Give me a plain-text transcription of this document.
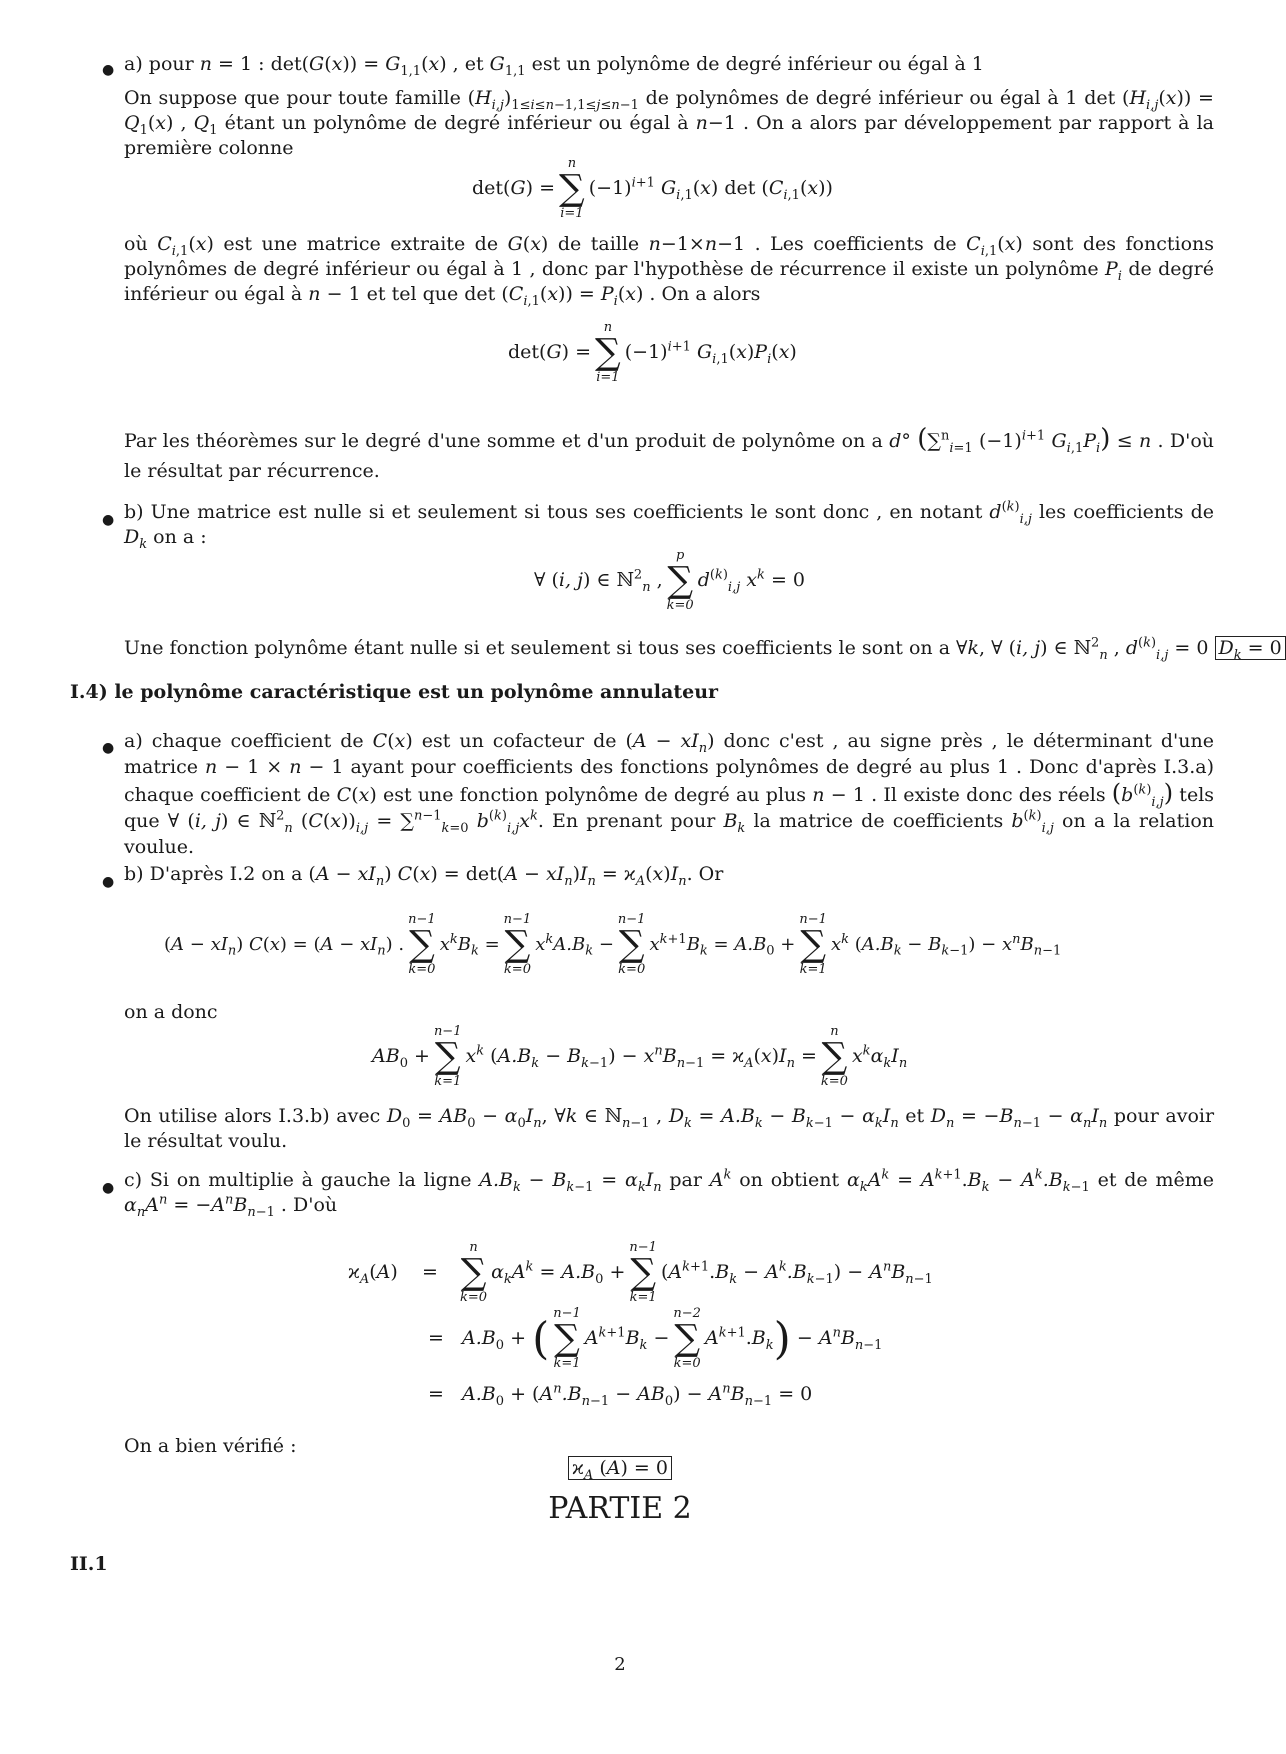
● a) pour n = 1 : $\det(G(x)) = G_{1,1}(x)$ , et $G_{1,1}$ est un polynôme de degré inférieur ou égal à 1
On suppose que pour toute famille $(H_{i,j})_{1\le i\le n-1,1\le j\le n-1}$ de polynômes de degré inférieur ou égal à 1 $\det (H_{i,j}(x)) = Q_1(x)$ , $Q_1$ étant un polynôme de degré inférieur ou égal à n−1 . On a alors par développement par rapport à la première colonne
det(G) =
n
∑
i=1
$(-1)^{i+1}$ $G_{i,1}(x)$ $\det (C_{i,1}(x))$
où $C_{i,1}(x)$ est une matrice extraite de G(x) de taille n−1×n−1 . Les coefficients de $C_{i,1}(x)$ sont des fonctions polynômes de degré inférieur ou égal à 1 , donc par l'hypothèse de récurrence il existe un polynôme $P_i$ de degré inférieur ou égal à n − 1 et tel que $\det (C_{i,1}(x)) = P_i(x)$ . On a alors
det(G) =
n
∑
i=1
$(-1)^{i+1}$ $G_{i,1}(x)P_i(x)$
Par les théorèmes sur le degré d'une somme et d'un produit de polynôme on a d° (∑$^n_{i=1}$ $(-1)^{i+1}$ $G_{i,1}P_i) \le n$ . D'où le résultat par récurrence.
● b) Une matrice est nulle si et seulement si tous ses coefficients le sont donc , en notant $d^{(k)}_{i,j}$ les coefficients de $D_k$ on a :
∀ (i, j) ∈ ℕ$^2_n$ ,
p
∑
k=0
$d^{(k)}_{i,j}$ $x^k = 0$
Une fonction polynôme étant nulle si et seulement si tous ses coefficients le sont on a ∀k, ∀ (i, j) ∈ ℕ$^2_n$ , $d^{(k)}_{i,j} = 0$ $D_k = 0$
I.4) le polynôme caractéristique est un polynôme annulateur
● a) chaque coefficient de C(x) est un cofacteur de $(A - xI_n)$ donc c'est , au signe près , le déterminant d'une matrice n − 1 × n − 1 ayant pour coefficients des fonctions polynômes de degré au plus 1 . Donc d'après I.3.a) chaque coefficient de C(x) est une fonction polynôme de degré au plus n − 1 . Il existe donc des réels $(b^{(k)}_{i,j})$ tels que ∀ (i, j) ∈ ℕ$^2_n$ $(C(x))_{i,j} = \sum^{n-1}_{k=0}$ $b^{(k)}_{i,j}x^k$. En prenant pour $B_k$ la matrice de coefficients $b^{(k)}_{i,j}$ on a la relation voulue.
● b) D'après I.2 on a $(A - xI_n)$ $C(x) = \det(A - xI_n)I_n = ϰ_A(x)I_n$. Or
$(A - xI_n)$ $C(x) = (A - xI_n)$ .
n−1
∑
k=0
$x^kB_k$ =
n−1
∑
k=0
$x^kA.B_k$ −
n−1
∑
k=0
$x^{k+1}B_k = A.B_0$ +
n−1
∑
k=1
$x^k$ $(A.B_k - B_{k-1}) - x^nB_{n-1}$
on a donc
$AB_0$ +
n−1
∑
k=1
$x^k$ $(A.B_k - B_{k-1}) - x^nB_{n-1} = ϰ_A(x)I_n$ =
n
∑
k=0
$x^k\alpha_kI_n$
On utilise alors I.3.b) avec $D_0 = AB_0 - \alpha_0I_n$, ∀k ∈ ℕ$_{n-1}$ , $D_k = A.B_k - B_{k-1} - \alpha_kI_n$ et $D_n = -B_{n-1} - \alpha_nI_n$ pour avoir le résultat voulu.
● c) Si on multiplie à gauche la ligne $A.B_k - B_{k-1} = \alpha_kI_n$ par $A^k$ on obtient $\alpha_kA^k = A^{k+1}.B_k - A^k.B_{k-1}$ et de même $\alpha_nA^n = -A^nB_{n-1}$ . D'où
$ϰ_A(A)$    =
n
∑
k=0
$\alpha_kA^k = A.B_0$ +
n−1
∑
k=1
$(A^{k+1}.B_k - A^k.B_{k-1}) - A^nB_{n-1}$
=   $A.B_0$ + ( n−1
∑
k=1
$A^{k+1}B_k$ −
n−2
∑
k=0
$A^{k+1}.B_k) - A^nB_{n-1}$
=   $A.B_0 + (A^n.B_{n-1} - AB_0) - A^nB_{n-1} = 0$
On a bien vérifié :
$ϰ_A$ (A) = 0
PARTIE 2
II.1
2
